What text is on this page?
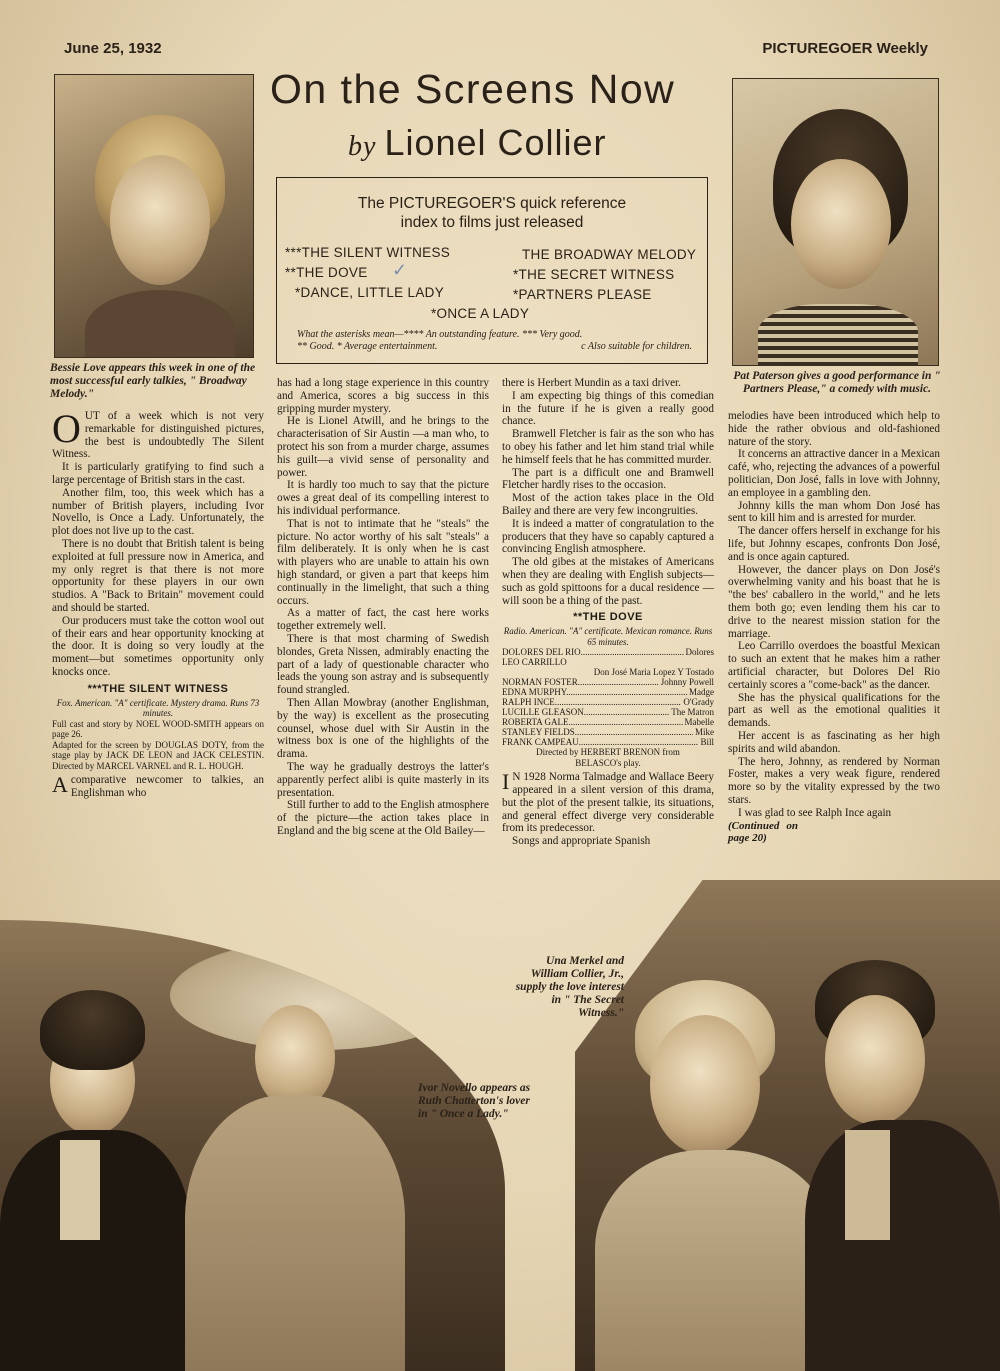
June 25, 1932	PICTUREGOER Weekly
Bessie Love appears this week in one of the most successful early talkies, " Broadway Melody."
Pat Paterson gives a good performance in " Partners Please," a comedy with music.
On the Screens Now
by Lionel Collier
The PICTUREGOER'S quick reference
index to films just released
***THE SILENT WITNESS
**THE DOVE ✓
*DANCE, LITTLE LADY
THE BROADWAY MELODY
*THE SECRET WITNESS
*PARTNERS PLEASE
*ONCE A LADY
What the asterisks mean—**** An outstanding feature. *** Very good.
** Good. * Average entertainment.	c Also suitable for children.

OUT of a week which is not very remarkable for distinguished pictures, the best is undoubtedly The Silent Witness.

It is particularly gratifying to find such a large percentage of British stars in the cast.

Another film, too, this week which has a number of British players, including Ivor Novello, is Once a Lady. Unfortunately, the plot does not live up to the cast.

There is no doubt that British talent is being exploited at full pressure now in America, and my only regret is that there is not more opportunity for these players in our own studios. A "Back to Britain" movement could and should be started.

Our producers must take the cotton wool out of their ears and hear opportunity knocking at the door. It is doing so very loudly at the moment—but sometimes opportunity only knocks once.

***THE SILENT WITNESS
Fox. American. "A" certificate. Mystery drama. Runs 73 minutes.
Full cast and story by NOEL WOOD-SMITH appears on page 26.
Adapted for the screen by DOUGLAS DOTY, from the stage play by JACK DE LEON and JACK CELESTIN. Directed by MARCEL VARNEL and R. L. HOUGH.

Acomparative newcomer to talkies, an Englishman who

has had a long stage experience in this country and America, scores a big success in this gripping murder mystery.

He is Lionel Atwill, and he brings to the characterisation of Sir Austin —a man who, to protect his son from a murder charge, assumes his guilt—a vivid sense of personality and power.

It is hardly too much to say that the picture owes a great deal of its compelling interest to his individual performance.

That is not to intimate that he "steals" the picture. No actor worthy of his salt "steals" a film deliberately. It is only when he is cast with players who are unable to attain his own high standard, or given a part that keeps him continually in the limelight, that such a thing occurs.

As a matter of fact, the cast here works together extremely well.

There is that most charming of Swedish blondes, Greta Nissen, admirably enacting the part of a lady of questionable character who leads the young son astray and is subsequently found strangled.

Then Allan Mowbray (another Englishman, by the way) is excellent as the prosecuting counsel, whose duel with Sir Austin in the witness box is one of the highlights of the drama.

The way he gradually destroys the latter's apparently perfect alibi is quite masterly in its presentation.

Still further to add to the English atmosphere of the picture—the action takes place in England and the big scene at the Old Bailey—

there is Herbert Mundin as a taxi driver.

I am expecting big things of this comedian in the future if he is given a really good chance.

Bramwell Fletcher is fair as the son who has to obey his father and let him stand trial while he himself feels that he has committed murder.

The part is a difficult one and Bramwell Fletcher hardly rises to the occasion.

Most of the action takes place in the Old Bailey and there are very few incongruities.

It is indeed a matter of congratulation to the producers that they have so capably captured a convincing English atmosphere.

The old gibes at the mistakes of Americans when they are dealing with English subjects—such as gold spittoons for a ducal residence —will soon be a thing of the past.

**THE DOVE
Radio. American. "A" certificate. Mexican romance. Runs 65 minutes.
DOLORES DEL RIO .....	Dolores
LEO CARRILLO
Don José Maria Lopez Y Tostado
NORMAN FOSTER .....	Johnny Powell
EDNA MURPHY .....	Madge
RALPH INCE .....	O'Grady
LUCILLE GLEASON .....	The Matron
ROBERTA GALE .....	Mabelle
STANLEY FIELDS .....	Mike
FRANK CAMPEAU .....	Bill
Directed by HERBERT BRENON from BELASCO's play.

I N 1928 Norma Talmadge and Wallace Beery appeared in a silent version of this drama, but the plot of the present talkie, its situations, and general effect diverge very considerable from its predecessor.

Songs and appropriate Spanish

melodies have been introduced which help to hide the rather obvious and old-fashioned nature of the story.

It concerns an attractive dancer in a Mexican café, who, rejecting the advances of a powerful politician, Don José, falls in love with Johnny, an employee in a gambling den.

Johnny kills the man whom Don José has sent to kill him and is arrested for murder.

The dancer offers herself in exchange for his life, but Johnny escapes, confronts Don José, and is once again captured.

However, the dancer plays on Don José's overwhelming vanity and his boast that he is "the bes' caballero in the world," and he lets them both go; even lending them his car to drive to the nearest mission station for the marriage.

Leo Carrillo overdoes the boastful Mexican to such an extent that he makes him a rather artificial character, but Dolores Del Rio certainly scores a "come-back" as the dancer.

She has the physical qualifications for the part as well as the emotional qualities it demands.

Her accent is as fascinating as her high spirits and wild abandon.

The hero, Johnny, as rendered by Norman Foster, makes a very weak figure, rendered more so by the vitality expressed by the two stars.

I was glad to see Ralph Ince again

(Continued on page 20)
Ivor Novello appears as Ruth Chatterton's lover in " Once a Lady."
Una Merkel and William Collier, Jr., supply the love interest in " The Secret Witness."
